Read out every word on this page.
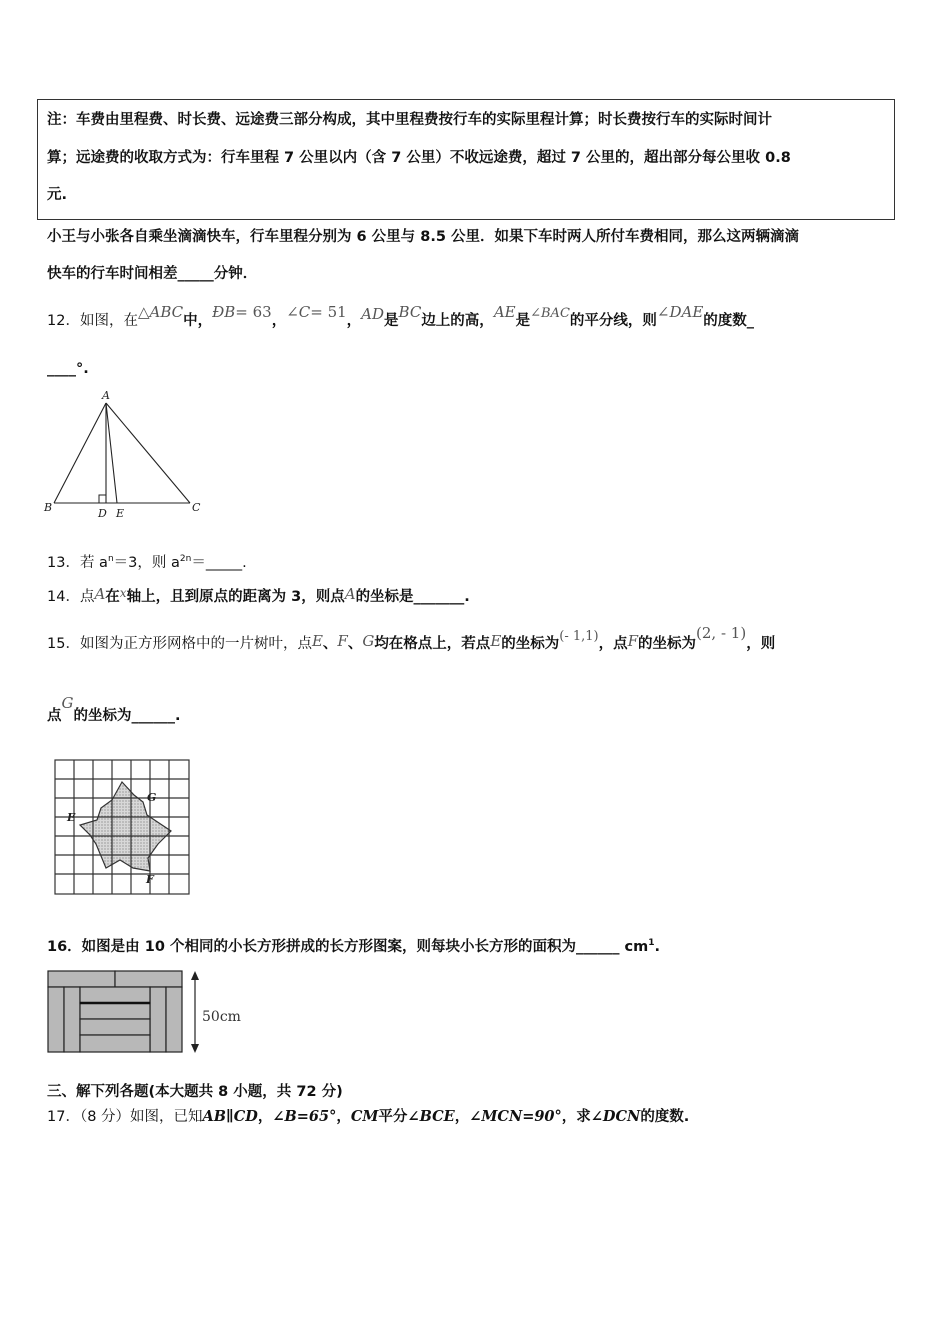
注：车费由里程费、时长费、远途费三部分构成，其中里程费按行车的实际里程计算；时长费按行车的实际时间计
算；远途费的收取方式为：行车里程 7 公里以内（含 7 公里）不收远途费，超过 7 公里的，超出部分每公里收 0.8
元.
小王与小张各自乘坐滴滴快车，行车里程分别为 6 公里与 8.5 公里．如果下车时两人所付车费相同，那么这两辆滴滴
快车的行车时间相差_____分钟．
12．如图，在△ABC中，ÐB= 63，∠C= 51，AD是BC边上的高，AE是∠BAC的平分线，则∠DAE的度数_
____°.
A
B	C
D E
13．若 $a^n=3$，则 $a^{2n}=\_\_\_\_\_$.
14．点A在$^x$轴上，且到原点的距离为 3，则点A的坐标是_______.
15．如图为正方形网格中的一片树叶，点E、F、G均在格点上，若点E的坐标为(- 1,1)，点F的坐标为(2, - 1)，则
点G的坐标为______.
G
E
F
16．如图是由 10 个相同的小长方形拼成的长方形图案，则每块小长方形的面积为______ $cm^1$.
50cm
三、解下列各题(本大题共 8 小题，共 72 分)
17．（8 分）如图，已知AB∥CD，∠B=65°，CM平分∠BCE，∠MCN=90°，求∠DCN的度数.
